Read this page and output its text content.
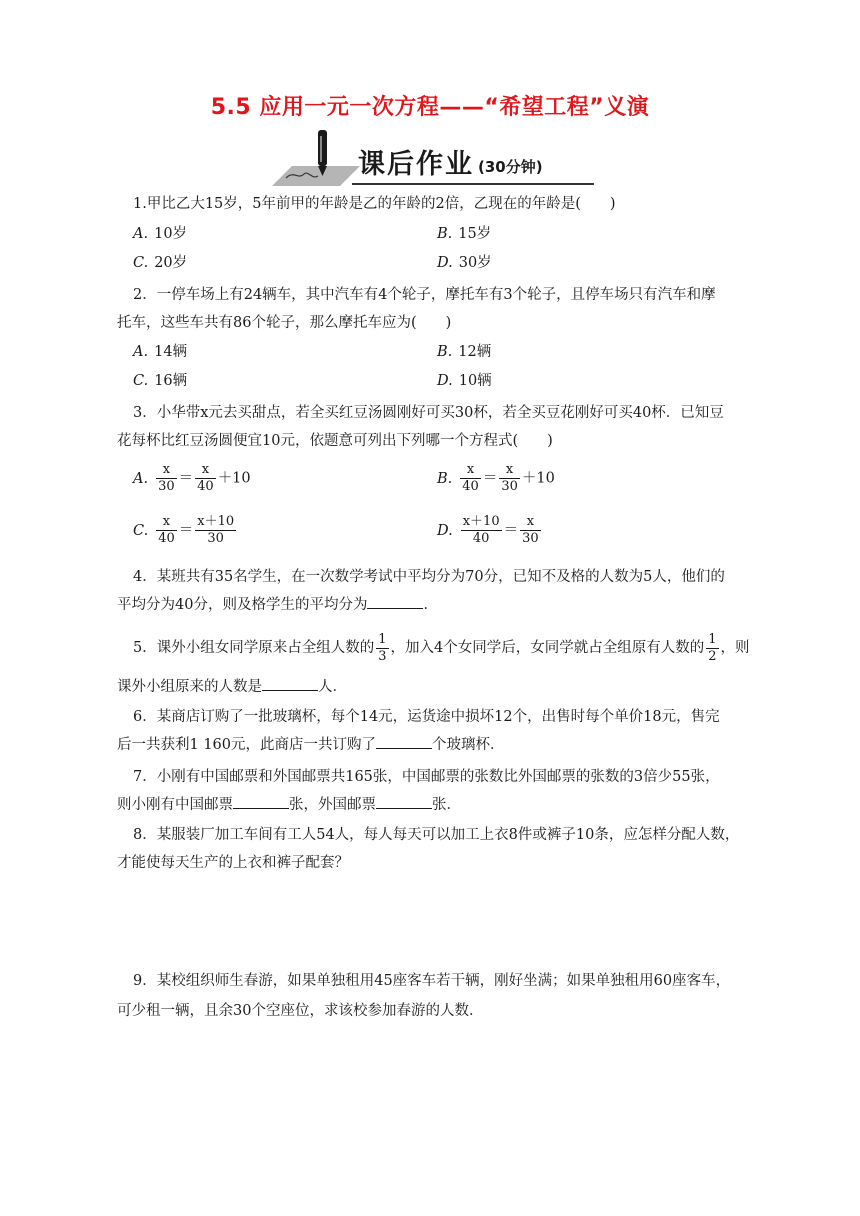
5.5 应用一元一次方程——“希望工程”义演
课后作业 (30分钟)
1.甲比乙大15岁，5年前甲的年龄是乙的年龄的2倍，乙现在的年龄是(　　)
A. 10岁	B. 15岁
C. 20岁	D. 30岁
2．一停车场上有24辆车，其中汽车有4个轮子，摩托车有3个轮子，且停车场只有汽车和摩
托车，这些车共有86个轮子，那么摩托车应为(　　)
A. 14辆	B. 12辆
C. 16辆	D. 10辆
3．小华带x元去买甜点，若全买红豆汤圆刚好可买30杯，若全买豆花刚好可买40杯．已知豆
花每杯比红豆汤圆便宜10元，依题意可列出下列哪一个方程式(　　)
A. $\frac{x}{30} = \frac{x}{40} +10$	B. $\frac{x}{40} = \frac{x}{30} +10$
C. $\frac{x}{40} = \frac{x+10}{30}$	D. $\frac{x+10}{40} = \frac{x}{30}$
4．某班共有35名学生，在一次数学考试中平均分为70分，已知不及格的人数为5人，他们的
平均分为40分，则及格学生的平均分为	．
5．课外小组女同学原来占全组人数的 $\frac{1}{3}$ ，加入4个女同学后，女同学就占全组原有人数的 $\frac{1}{2}$ ，则
课外小组原来的人数是	人．
6．某商店订购了一批玻璃杯，每个14元，运货途中损坏12个，出售时每个单价18元，售完
后一共获利1 160元，此商店一共订购了	个玻璃杯．
7．小刚有中国邮票和外国邮票共165张，中国邮票的张数比外国邮票的张数的3倍少55张，
则小刚有中国邮票	张，外国邮票	张．
8．某服装厂加工车间有工人54人，每人每天可以加工上衣8件或裤子10条，应怎样分配人数，
才能使每天生产的上衣和裤子配套？
9．某校组织师生春游，如果单独租用45座客车若干辆，刚好坐满；如果单独租用60座客车，
可少租一辆，且余30个空座位，求该校参加春游的人数．
